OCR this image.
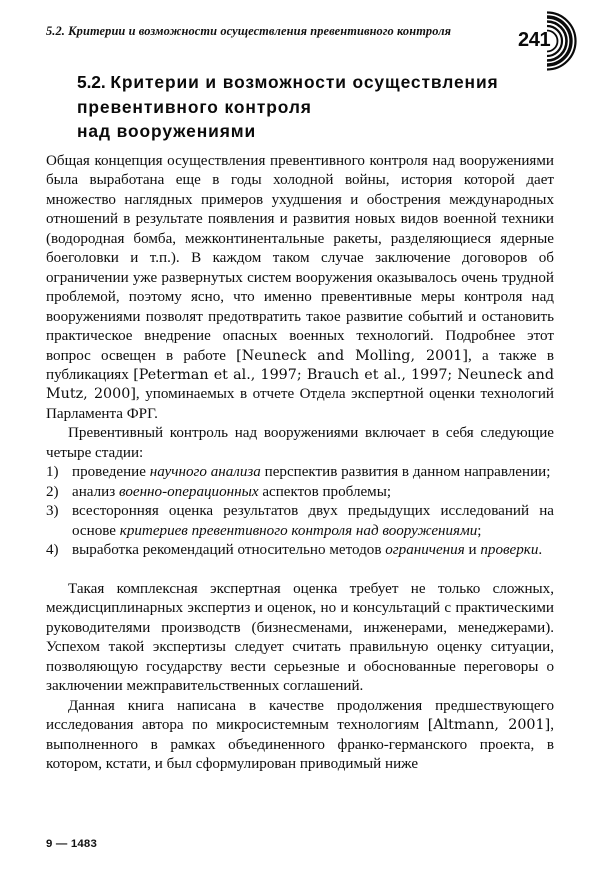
5.2. Критерии и возможности осуществления превентивного контроля	241
5.2. Критерии и возможности осуществления
превентивного контроля
над вооружениями

Общая концепция осуществления превентивного контроля над вооружениями была выработана еще в годы холодной войны, история которой дает множество наглядных примеров ухудшения и обострения международных отношений в результате появления и развития новых видов военной техники (водородная бомба, межконтинентальные ракеты, разделяющиеся ядерные боеголовки и т.п.). В каждом таком случае заключение договоров об ограничении уже развернутых систем вооружения оказывалось очень трудной проблемой, поэтому ясно, что именно превентивные меры контроля над вооружениями позволят предотвратить такое развитие событий и остановить практическое внедрение опасных военных технологий. Подробнее этот вопрос освещен в работе [Neuneck and Molling, 2001], а также в публикациях [Peterman et al., 1997; Brauch et al., 1997; Neuneck and Mutz, 2000], упоминаемых в отчете Отдела экспертной оценки технологий Парламента ФРГ.

Превентивный контроль над вооружениями включает в себя следующие четыре стадии:

1) проведение научного анализа перспектив развития в данном направлении;
2) анализ военно-операционных аспектов проблемы;
3) всесторонняя оценка результатов двух предыдущих исследований на основе критериев превентивного контроля над вооружениями;
4) выработка рекомендаций относительно методов ограничения и проверки.

Такая комплексная экспертная оценка требует не только сложных, междисциплинарных экспертиз и оценок, но и консультаций с практическими руководителями производств (бизнесменами, инженерами, менеджерами). Успехом такой экспертизы следует считать правильную оценку ситуации, позволяющую государству вести серьезные и обоснованные переговоры о заключении межправительственных соглашений.

Данная книга написана в качестве продолжения предшествующего исследования автора по микросистемным технологиям [Altmann, 2001], выполненного в рамках объединенного франко-германского проекта, в котором, кстати, и был сформулирован приводимый ниже

9 — 1483
